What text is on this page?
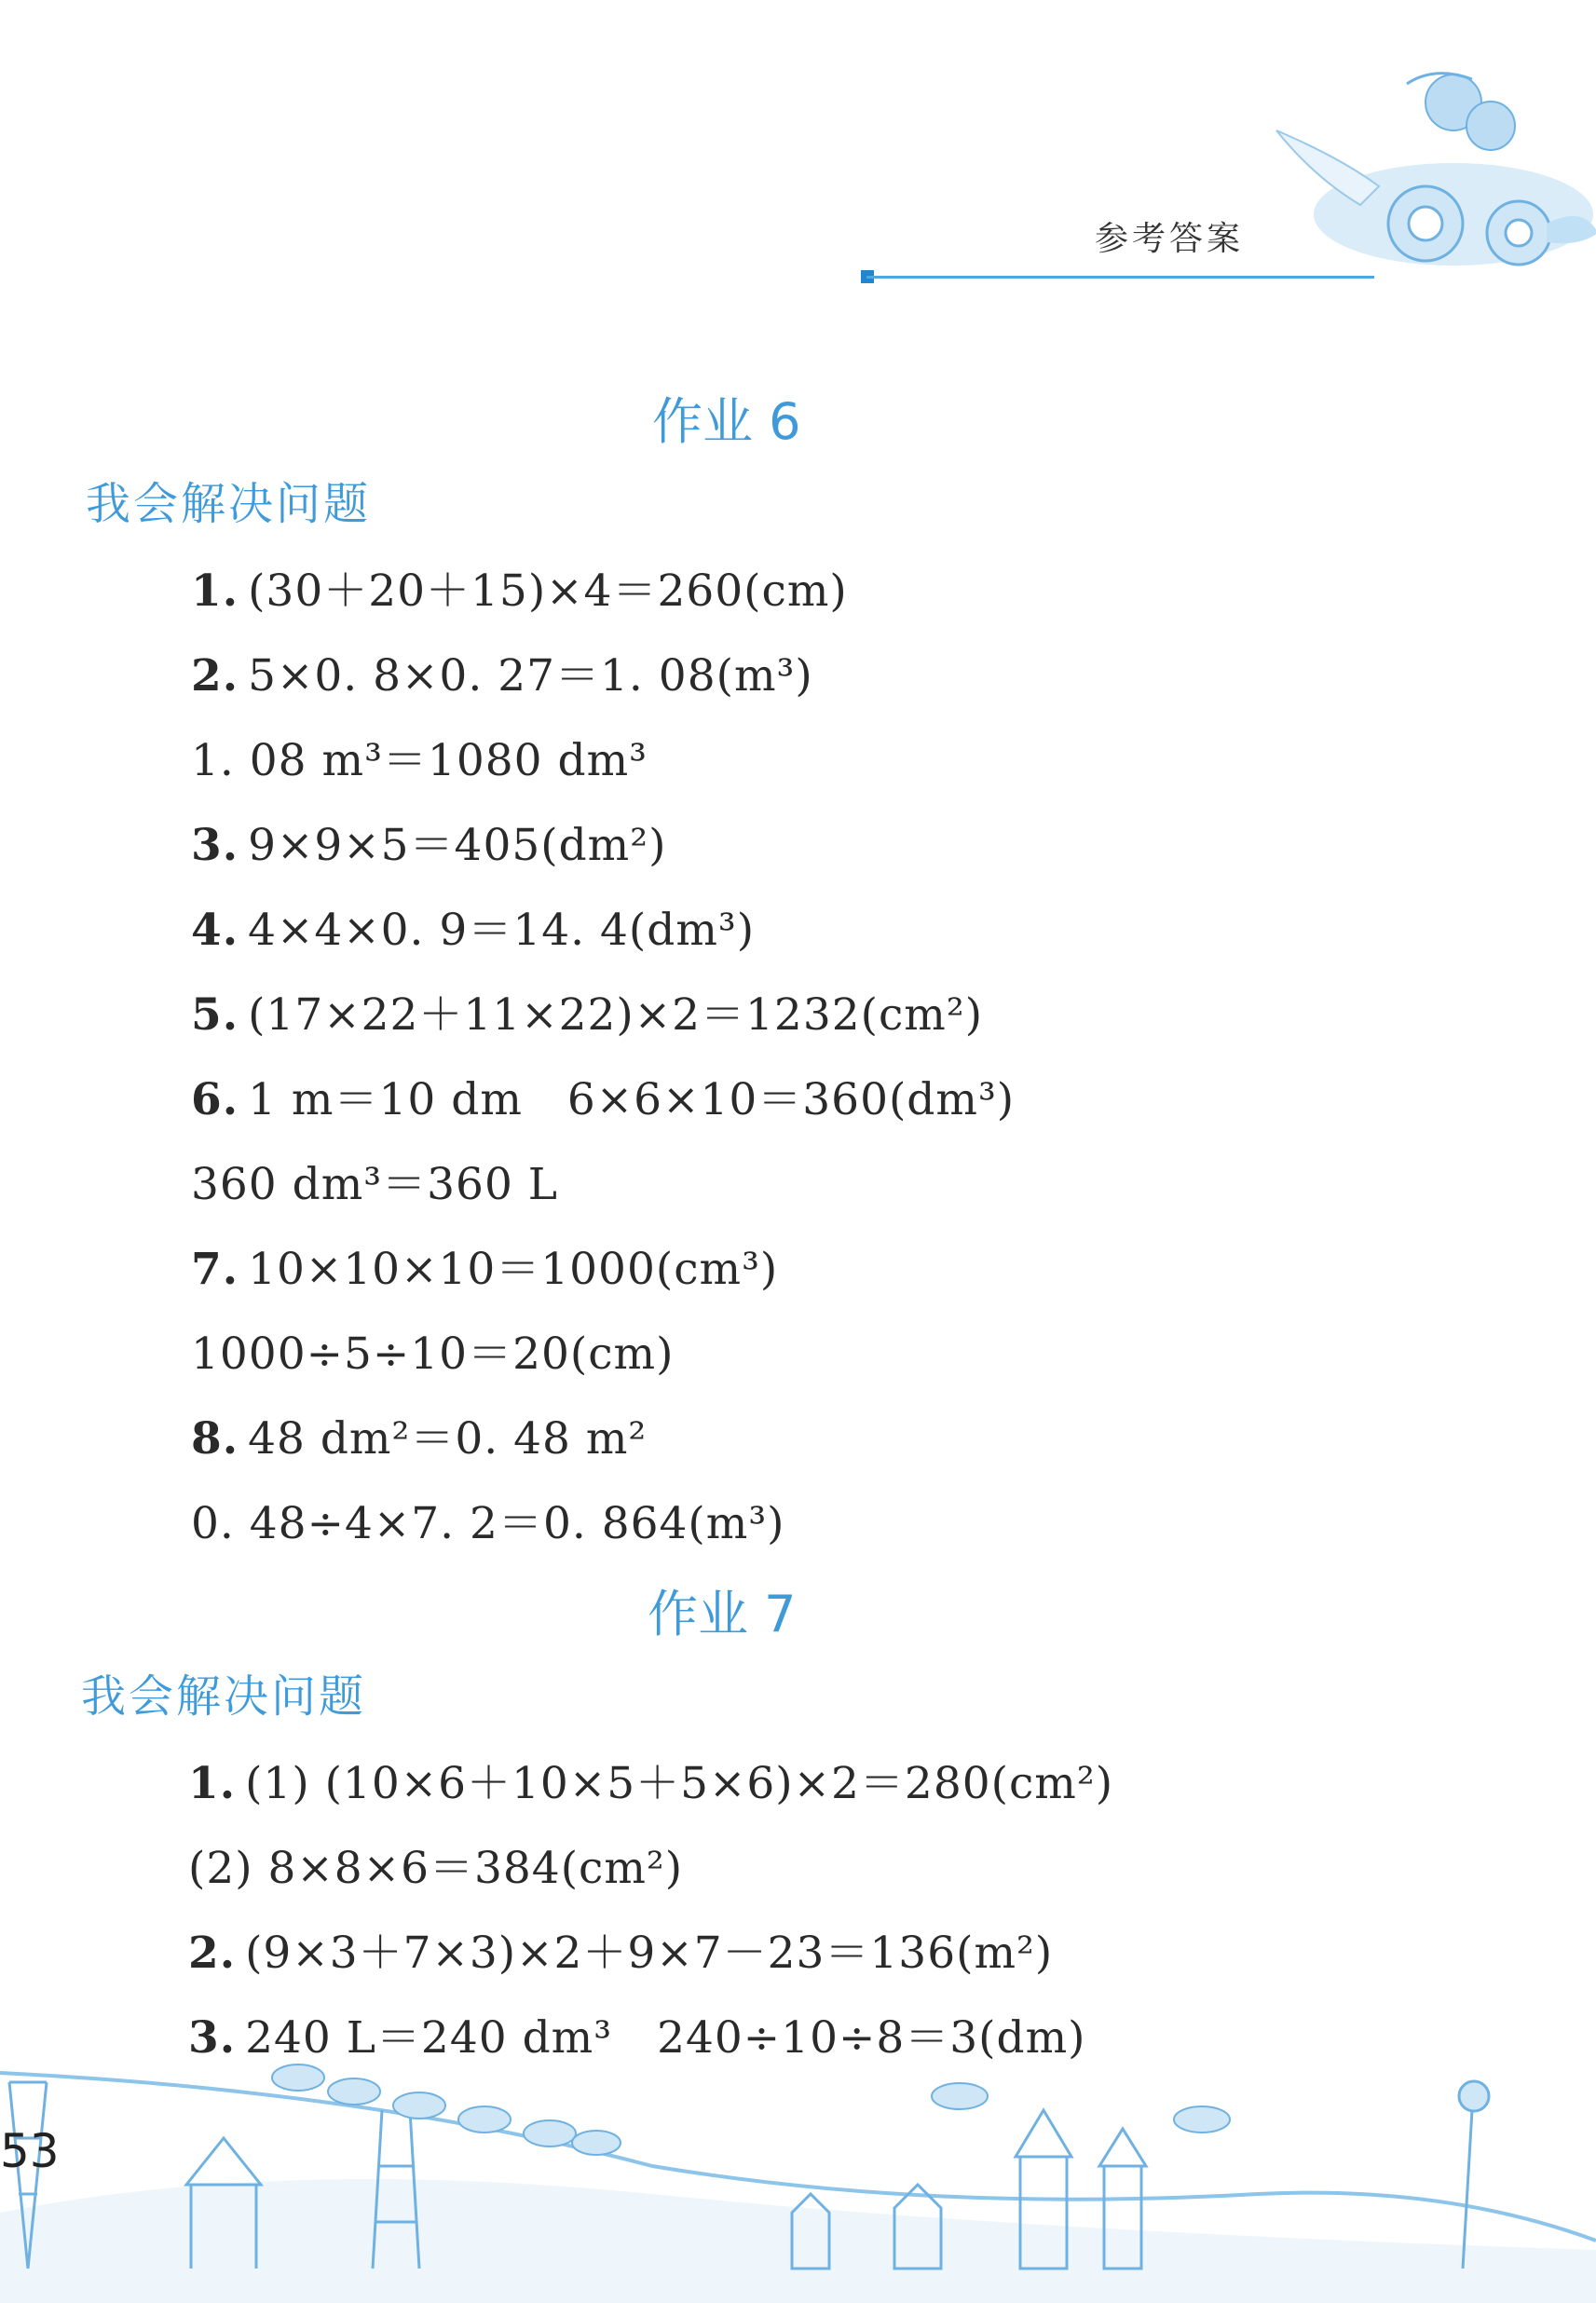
参考答案
作业 6
我会解决问题
1. (30＋20＋15)×4＝260(cm)
2. 5×0. 8×0. 27＝1. 08(m³)
1. 08 m³＝1080 dm³
3. 9×9×5＝405(dm²)
4. 4×4×0. 9＝14. 4(dm³)
5. (17×22＋11×22)×2＝1232(cm²)
6. 1 m＝10 dm　6×6×10＝360(dm³)
360 dm³＝360 L
7. 10×10×10＝1000(cm³)
1000÷5÷10＝20(cm)
8. 48 dm²＝0. 48 m²
0. 48÷4×7. 2＝0. 864(m³)
作业 7
我会解决问题
1. (1) (10×6＋10×5＋5×6)×2＝280(cm²)
(2) 8×8×6＝384(cm²)
2. (9×3＋7×3)×2＋9×7－23＝136(m²)
3. 240 L＝240 dm³　240÷10÷8＝3(dm)
53
